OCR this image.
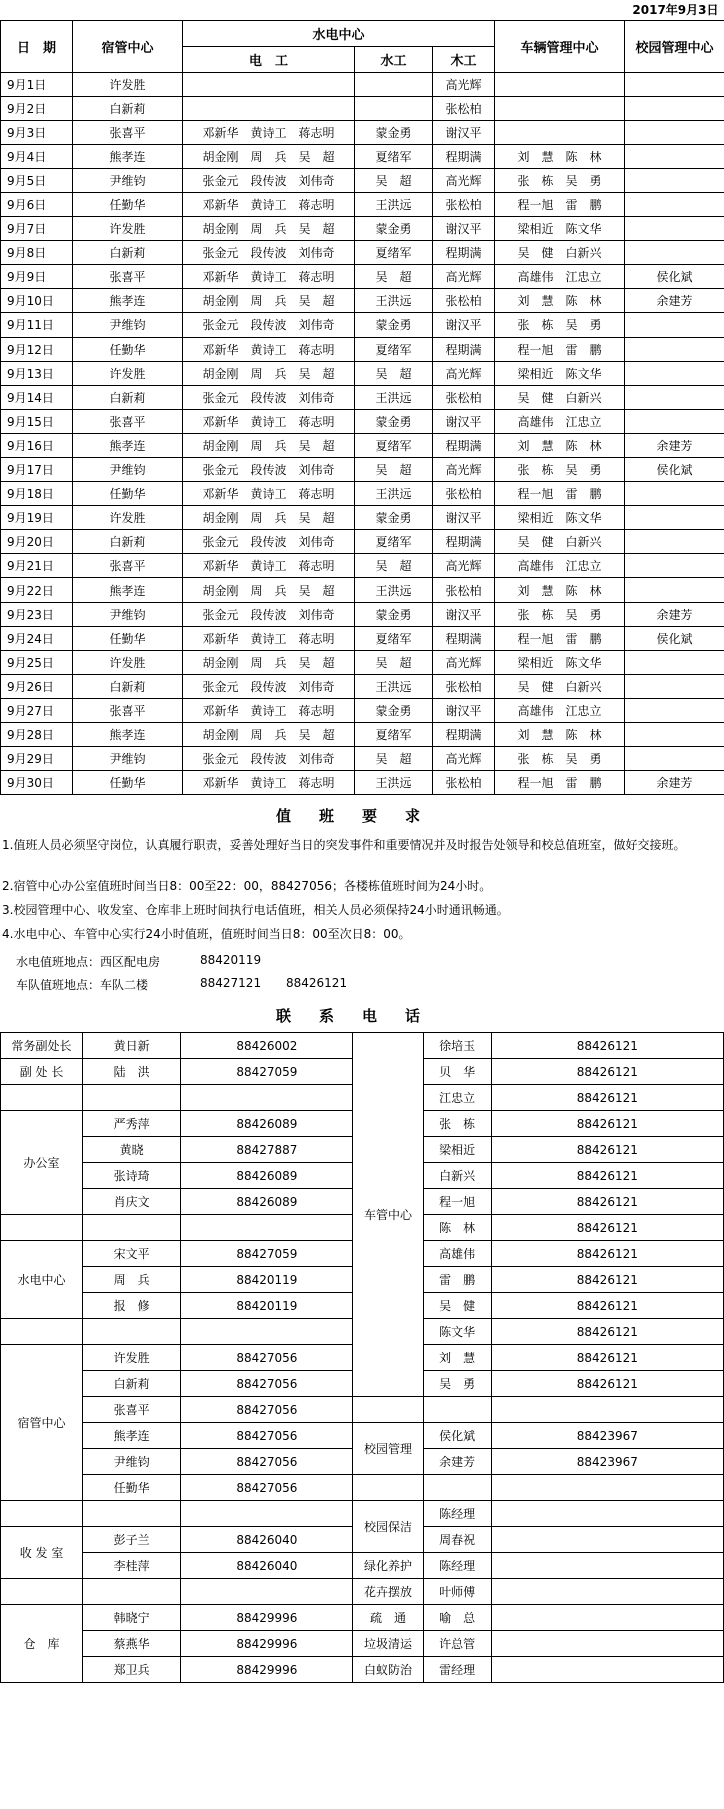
					2017年9月3日	
日　期	宿管中心	水电中心			车辆管理中心	校园管理中心
		电　工	水工	木工		
9月1日	许发胜			高光辉		
9月2日	白新莉			张松柏		
9月3日	张喜平	邓新华　黄诗工　蒋志明	蒙金勇	谢汉平		
9月4日	熊孝连	胡金刚　周　兵　吴　超	夏绪军	程期满	刘　慧　陈　林	
9月5日	尹维钧	张金元　段传波　刘伟奇	吴　超	高光辉	张　栋　吴　勇	
9月6日	任勤华	邓新华　黄诗工　蒋志明	王洪远	张松柏	程一旭　雷　鹏	
9月7日	许发胜	胡金刚　周　兵　吴　超	蒙金勇	谢汉平	梁相近　陈文华	
9月8日	白新莉	张金元　段传波　刘伟奇	夏绪军	程期满	吴　健　白新兴	
9月9日	张喜平	邓新华　黄诗工　蒋志明	吴　超	高光辉	高雄伟　江忠立	侯化斌
9月10日	熊孝连	胡金刚　周　兵　吴　超	王洪远	张松柏	刘　慧　陈　林	余建芳
9月11日	尹维钧	张金元　段传波　刘伟奇	蒙金勇	谢汉平	张　栋　吴　勇	
9月12日	任勤华	邓新华　黄诗工　蒋志明	夏绪军	程期满	程一旭　雷　鹏	
9月13日	许发胜	胡金刚　周　兵　吴　超	吴　超	高光辉	梁相近　陈文华	
9月14日	白新莉	张金元　段传波　刘伟奇	王洪远	张松柏	吴　健　白新兴	
9月15日	张喜平	邓新华　黄诗工　蒋志明	蒙金勇	谢汉平	高雄伟　江忠立	
9月16日	熊孝连	胡金刚　周　兵　吴　超	夏绪军	程期满	刘　慧　陈　林	余建芳
9月17日	尹维钧	张金元　段传波　刘伟奇	吴　超	高光辉	张　栋　吴　勇	侯化斌
9月18日	任勤华	邓新华　黄诗工　蒋志明	王洪远	张松柏	程一旭　雷　鹏	
9月19日	许发胜	胡金刚　周　兵　吴　超	蒙金勇	谢汉平	梁相近　陈文华	
9月20日	白新莉	张金元　段传波　刘伟奇	夏绪军	程期满	吴　健　白新兴	
9月21日	张喜平	邓新华　黄诗工　蒋志明	吴　超	高光辉	高雄伟　江忠立	
9月22日	熊孝连	胡金刚　周　兵　吴　超	王洪远	张松柏	刘　慧　陈　林	
9月23日	尹维钧	张金元　段传波　刘伟奇	蒙金勇	谢汉平	张　栋　吴　勇	余建芳
9月24日	任勤华	邓新华　黄诗工　蒋志明	夏绪军	程期满	程一旭　雷　鹏	侯化斌
9月25日	许发胜	胡金刚　周　兵　吴　超	吴　超	高光辉	梁相近　陈文华	
9月26日	白新莉	张金元　段传波　刘伟奇	王洪远	张松柏	吴　健　白新兴	
9月27日	张喜平	邓新华　黄诗工　蒋志明	蒙金勇	谢汉平	高雄伟　江忠立	
9月28日	熊孝连	胡金刚　周　兵　吴　超	夏绪军	程期满	刘　慧　陈　林	
9月29日	尹维钧	张金元　段传波　刘伟奇	吴　超	高光辉	张　栋　吴　勇	
9月30日	任勤华	邓新华　黄诗工　蒋志明	王洪远	张松柏	程一旭　雷　鹏	余建芳
值班要求
1.值班人员必须坚守岗位，认真履行职责，妥善处理好当日的突发事件和重要情况并及时报告处领导和校总值班室，做好交接班。
2.宿管中心办公室值班时间当日8：00至22：00，88427056；各楼栋值班时间为24小时。
3.校园管理中心、收发室、仓库非上班时间执行电话值班，相关人员必须保持24小时通讯畅通。
4.水电中心、车管中心实行24小时值班，值班时间当日8：00至次日8：00。
水电值班地点：西区配电房	88420119
车队值班地点：车队二楼	88427121 88426121
联系电话
常务副处长	黄日新	88426002	车管中心	徐培玉	88426121
副 处 长	陆　洪	88427059		贝　华	88426121
				江忠立	88426121
办公室	严秀萍	88426089		张　栋	88426121
	黄晓	88427887		梁相近	88426121
	张诗琦	88426089		白新兴	88426121
	肖庆文	88426089		程一旭	88426121
				陈　林	88426121
水电中心	宋文平	88427059		高雄伟	88426121
	周　兵	88420119		雷　鹏	88426121
	报　修	88420119		吴　健	88426121
				陈文华	88426121
宿管中心	许发胜	88427056		刘　慧	88426121
	白新莉	88427056		吴　勇	88426121
	张喜平	88427056			
	熊孝连	88427056	校园管理	侯化斌	88423967
	尹维钧	88427056		余建芳	88423967
	任勤华	88427056			
			校园保洁	陈经理	
收 发 室	彭子兰	88426040		周春祝	
	李桂萍	88426040	绿化养护	陈经理	
			花卉摆放	叶师傅	
仓　库	韩晓宁	88429996	疏　通	喻　总	
	蔡燕华	88429996	垃圾清运	许总管	
	郑卫兵	88429996	白蚁防治	雷经理	
